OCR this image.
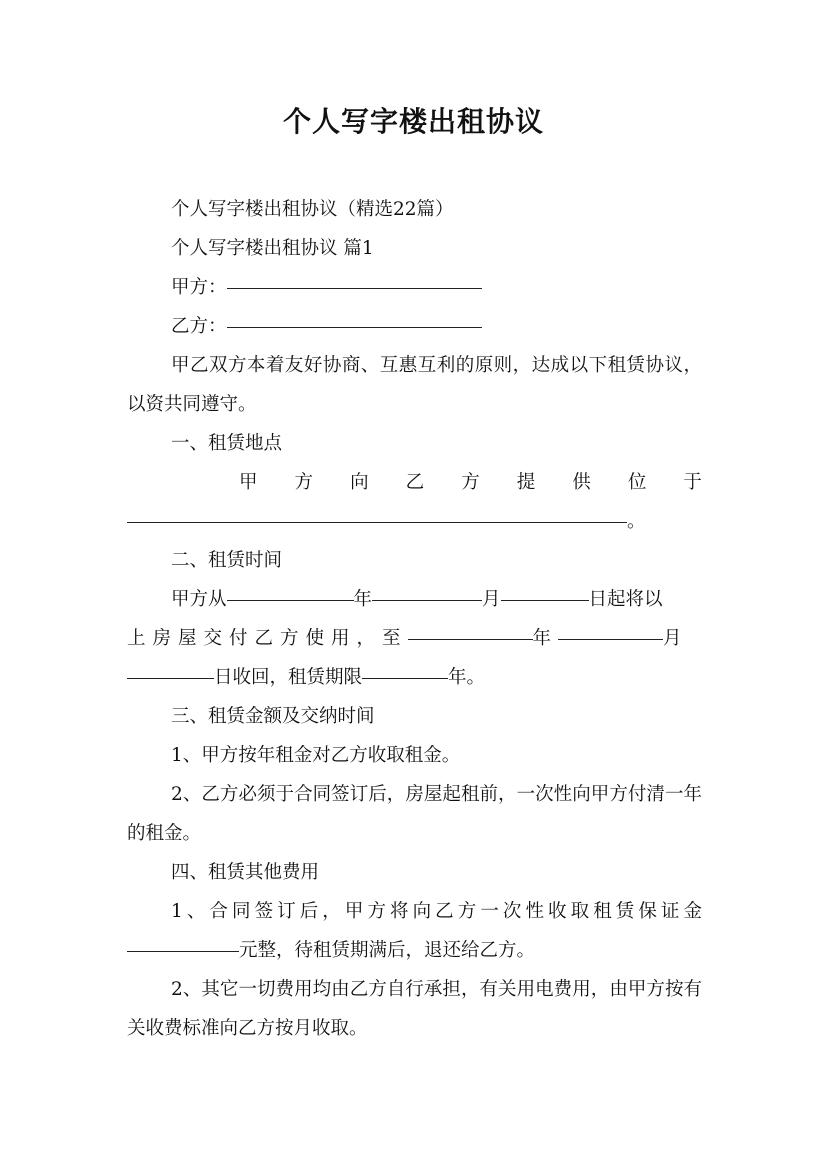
个人写字楼出租协议

个人写字楼出租协议（精选22篇）

个人写字楼出租协议 篇1

甲方：

乙方：

甲乙双方本着友好协商、互惠互利的原则，达成以下租赁协议，以资共同遵守。

一、租赁地点

甲 方 向 乙 方 提 供 位 于

。

二、租赁时间

甲方从	年	月	日起将以

上房屋交付乙方使用，至	年	月

日收回，租赁期限	年。

三、租赁金额及交纳时间

1、甲方按年租金对乙方收取租金。

2、乙方必须于合同签订后，房屋起租前，一次性向甲方付清一年的租金。

四、租赁其他费用

1、合同签订后，甲方将向乙方一次性收取租赁保证金元整，待租赁期满后，退还给乙方。

2、其它一切费用均由乙方自行承担，有关用电费用，由甲方按有关收费标准向乙方按月收取。
